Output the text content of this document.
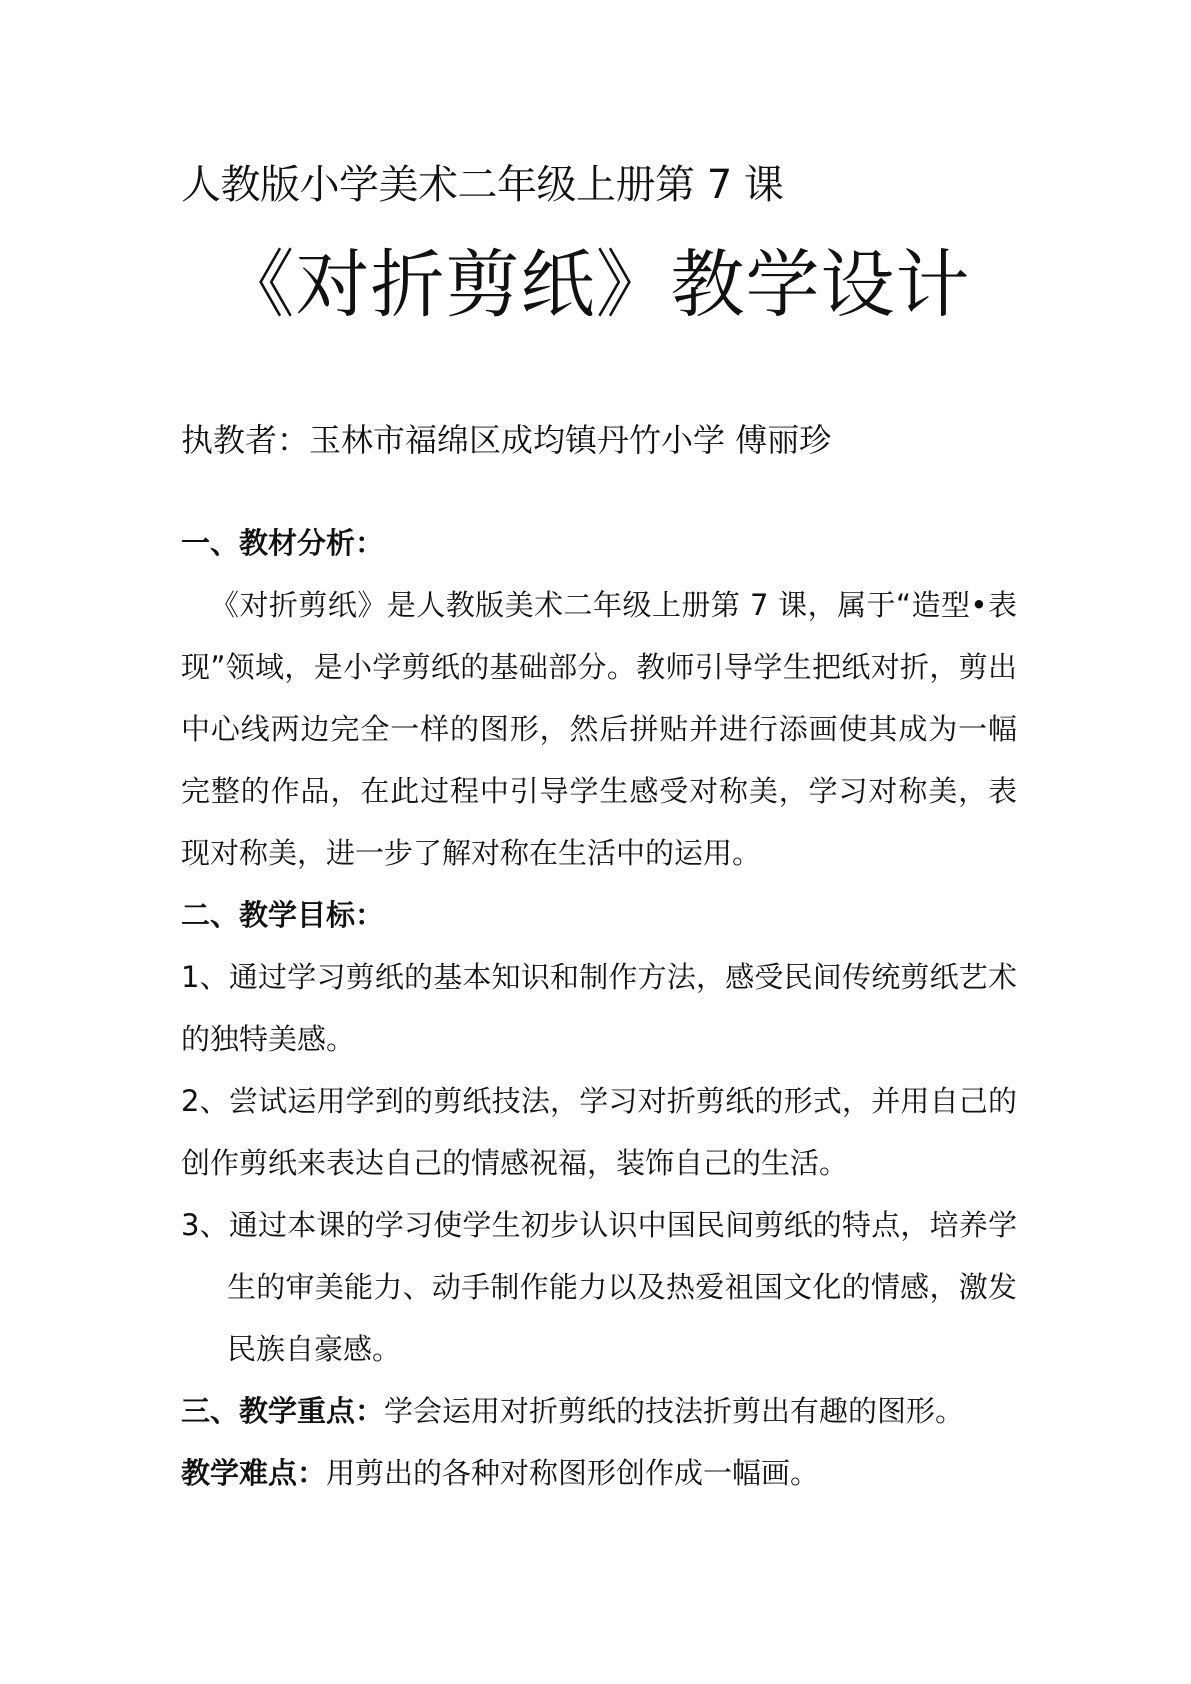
人教版小学美术二年级上册第 7 课
《对折剪纸》教学设计
执教者：玉林市福绵区成均镇丹竹小学 傅丽珍

一、教材分析：

《对折剪纸》是人教版美术二年级上册第 7 课，属于“造型•表现”领域，是小学剪纸的基础部分。教师引导学生把纸对折，剪出中心线两边完全一样的图形，然后拼贴并进行添画使其成为一幅完整的作品，在此过程中引导学生感受对称美，学习对称美，表现对称美，进一步了解对称在生活中的运用。

二、教学目标：

1、通过学习剪纸的基本知识和制作方法，感受民间传统剪纸艺术的独特美感。

2、尝试运用学到的剪纸技法，学习对折剪纸的形式，并用自己的创作剪纸来表达自己的情感祝福，装饰自己的生活。

3、通过本课的学习使学生初步认识中国民间剪纸的特点，培养学生的审美能力、动手制作能力以及热爱祖国文化的情感，激发民族自豪感。

三、教学重点：学会运用对折剪纸的技法折剪出有趣的图形。

教学难点：用剪出的各种对称图形创作成一幅画。
